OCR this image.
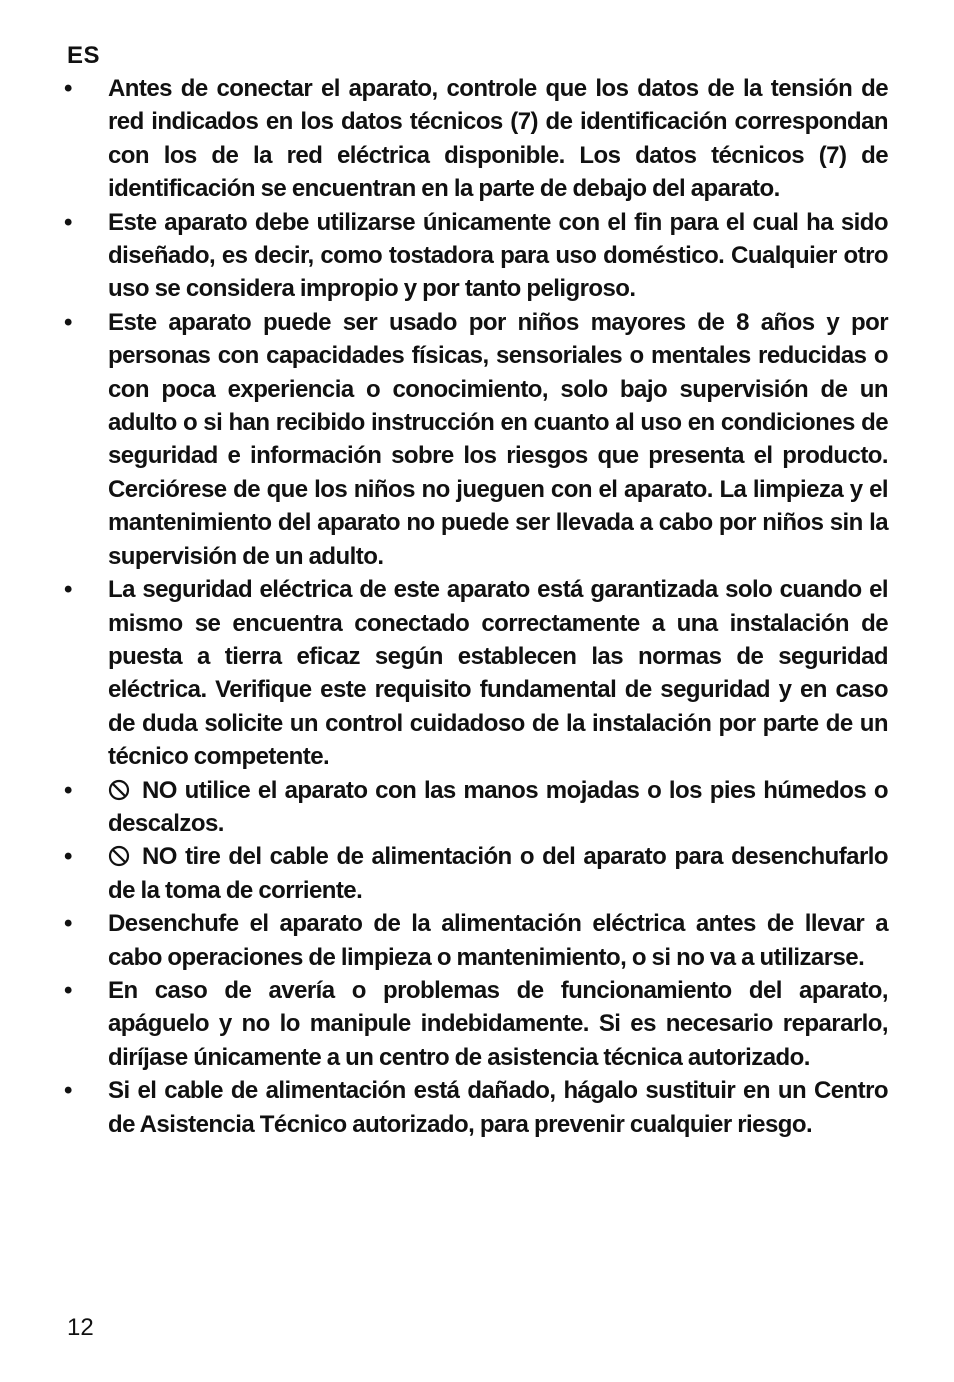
ES
• Antes de conectar el aparato, controle que los datos de la tensión de red indicados en los datos técnicos (7) de identificación correspondan con los de la red eléctrica disponible. Los datos técnicos (7) de identificación se encuentran en la parte de debajo del aparato.
• Este aparato debe utilizarse únicamente con el fin para el cual ha sido diseñado, es decir, como tostadora para uso doméstico. Cualquier otro uso se considera impropio y por tanto peligroso.
• Este aparato puede ser usado por niños mayores de 8 años y por personas con capacidades físicas, sensoriales o mentales reducidas o con poca experiencia o conocimiento, solo bajo supervisión de un adulto o si han recibido instrucción en cuanto al uso en condiciones de seguridad e información sobre los riesgos que presenta el producto. Cerciórese de que los niños no jueguen con el aparato. La limpieza y el mantenimiento del aparato no puede ser llevada a cabo por niños sin la supervisión de un adulto.
• La seguridad eléctrica de este aparato está garantizada solo cuando el mismo se encuentra conectado correctamente a una instalación de puesta a tierra eficaz según establecen las normas de seguridad eléctrica. Verifique este requisito fundamental de seguridad y en caso de duda solicite un control cuidadoso de la instalación por parte de un técnico competente.
•	NO utilice el aparato con las manos mojadas o los pies húmedos o descalzos.
•	NO tire del cable de alimentación o del aparato para desenchufarlo de la toma de corriente.
• Desenchufe el aparato de la alimentación eléctrica antes de llevar a cabo operaciones de limpieza o mantenimiento, o si no va a utilizarse.
• En caso de avería o problemas de funcionamiento del aparato, apáguelo y no lo manipule indebidamente. Si es necesario repararlo, diríjase únicamente a un centro de asistencia técnica autorizado.
• Si el cable de alimentación está dañado, hágalo sustituir en un Centro de Asistencia Técnico autorizado, para prevenir cualquier riesgo.
12
